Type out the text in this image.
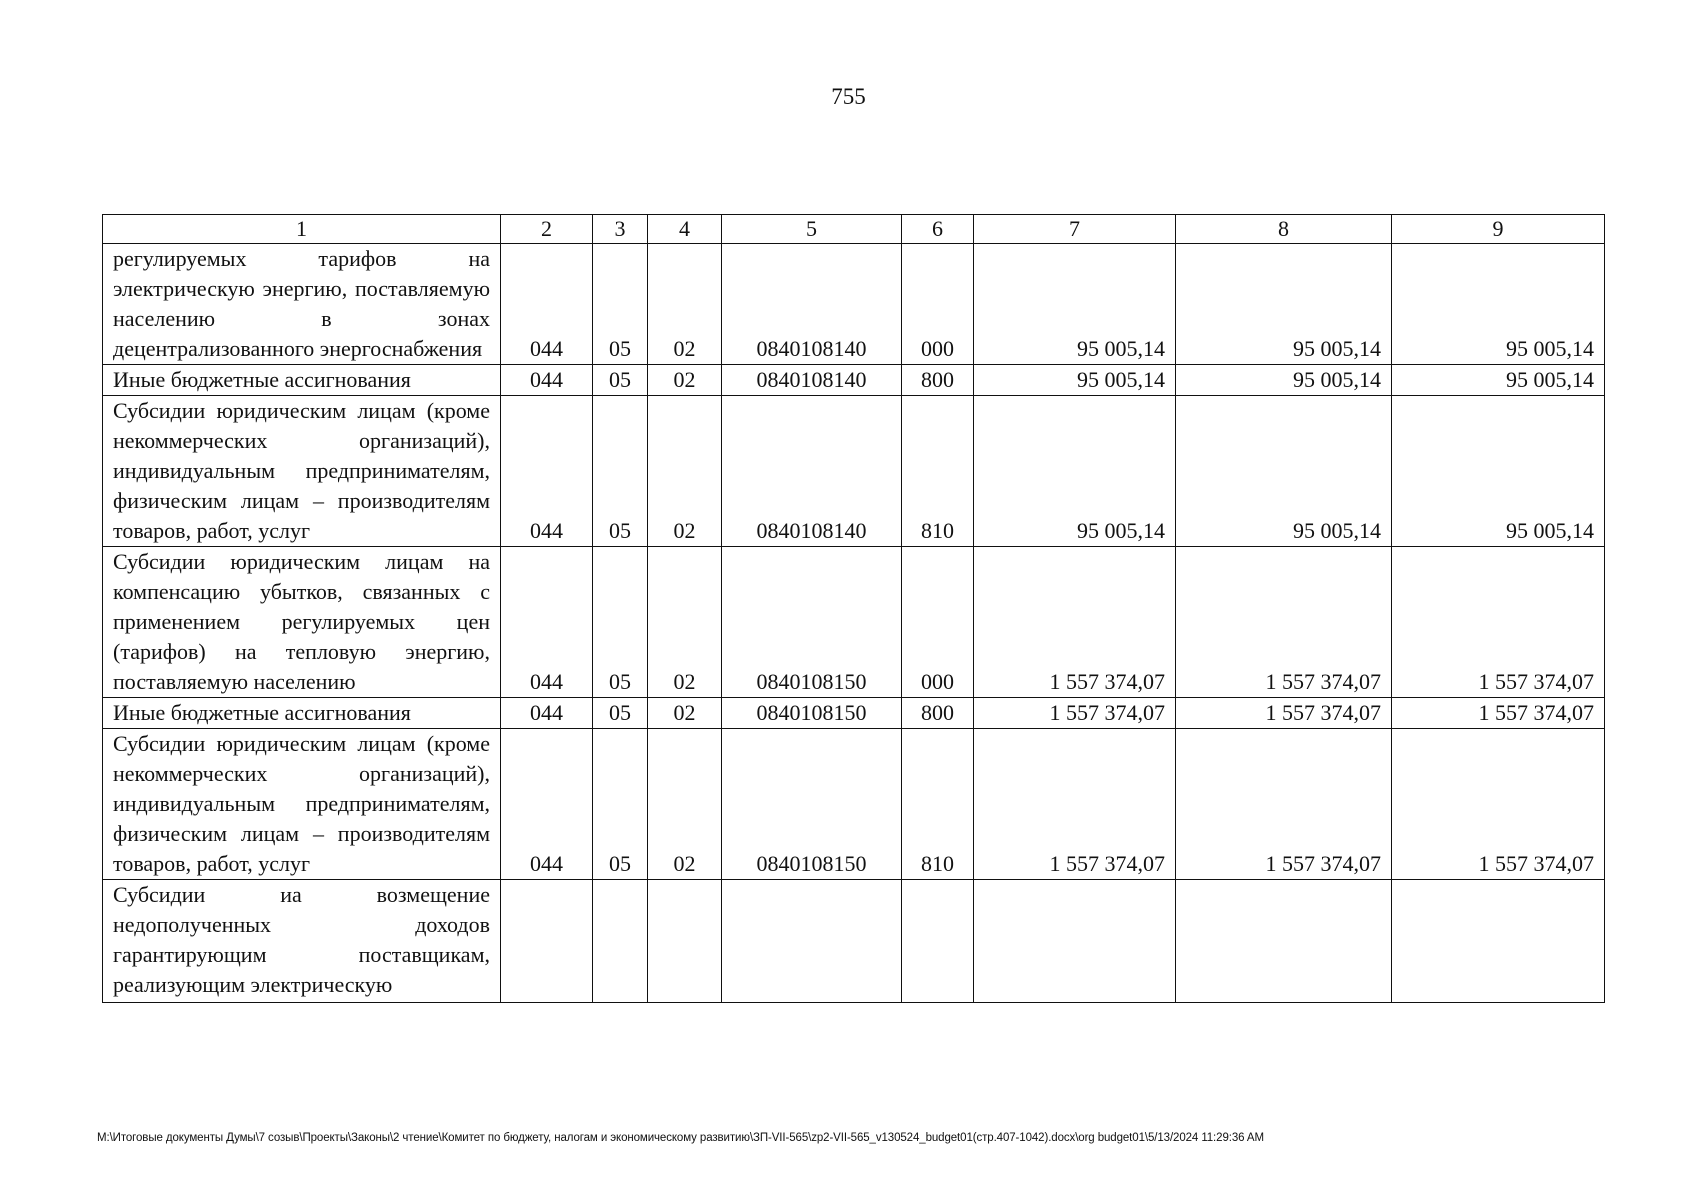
755
1	2	3	4	5	6	7	8	9
регулируемых тарифов на электрическую энергию, поставляемую населению в зонах децентрализованного энергоснабжения	044	05	02	0840108140	000	95 005,14	95 005,14	95 005,14
Иные бюджетные ассигнования	044	05	02	0840108140	800	95 005,14	95 005,14	95 005,14
Субсидии юридическим лицам (кроме некоммерческих организаций), индивидуальным предпринимателям, физическим лицам – производителям товаров, работ, услуг	044	05	02	0840108140	810	95 005,14	95 005,14	95 005,14
Субсидии юридическим лицам на компенсацию убытков, связанных с применением регулируемых цен (тарифов) на тепловую энергию, поставляемую населению	044	05	02	0840108150	000	1 557 374,07	1 557 374,07	1 557 374,07
Иные бюджетные ассигнования	044	05	02	0840108150	800	1 557 374,07	1 557 374,07	1 557 374,07
Субсидии юридическим лицам (кроме некоммерческих организаций), индивидуальным предпринимателям, физическим лицам – производителям товаров, работ, услуг	044	05	02	0840108150	810	1 557 374,07	1 557 374,07	1 557 374,07
Субсидии иа возмещение недополученных доходов гарантирующим поставщикам, реализующим электрическую								
M:\Итоговые документы Думы\7 созыв\Проекты\Законы\2 чтение\Комитет по бюджету, налогам и экономическому развитию\ЗП-VII-565\zp2-VII-565_v130524_budget01(стр.407-1042).docx\org budget01\5/13/2024 11:29:36 AM
